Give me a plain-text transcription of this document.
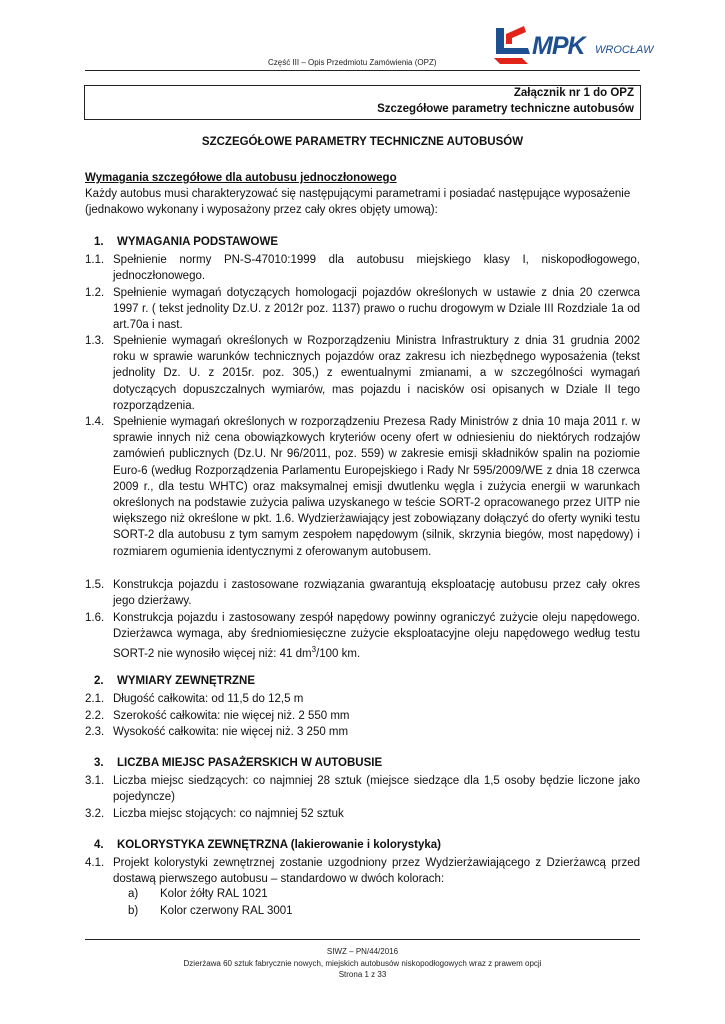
Część III – Opis Przedmiotu Zamówienia (OPZ)
MPK WROCŁAW
Załącznik nr 1 do OPZ
Szczegółowe parametry techniczne autobusów
SZCZEGÓŁOWE PARAMETRY TECHNICZNE AUTOBUSÓW
Wymagania szczegółowe dla autobusu jednoczłonowego
Każdy autobus musi charakteryzować się następującymi parametrami i posiadać następujące wyposażenie (jednakowo wykonany i wyposażony przez cały okres objęty umową):
1. WYMAGANIA PODSTAWOWE
1.1. Spełnienie normy PN-S-47010:1999 dla autobusu miejskiego klasy I, niskopodłogowego, jednoczłonowego.
1.2. Spełnienie wymagań dotyczących homologacji pojazdów określonych w ustawie z dnia 20 czerwca 1997 r. ( tekst jednolity Dz.U. z 2012r poz. 1137) prawo o ruchu drogowym w Dziale III Rozdziale 1a od art.70a i nast.
1.3. Spełnienie wymagań określonych w Rozporządzeniu Ministra Infrastruktury z dnia 31 grudnia 2002 roku w sprawie warunków technicznych pojazdów oraz zakresu ich niezbędnego wyposażenia (tekst jednolity Dz. U. z 2015r. poz. 305,) z ewentualnymi zmianami, a w szczególności wymagań dotyczących dopuszczalnych wymiarów, mas pojazdu i nacisków osi opisanych w Dziale II tego rozporządzenia.
1.4. Spełnienie wymagań określonych w rozporządzeniu Prezesa Rady Ministrów z dnia 10 maja 2011 r. w sprawie innych niż cena obowiązkowych kryteriów oceny ofert w odniesieniu do niektórych rodzajów zamówień publicznych (Dz.U. Nr 96/2011, poz. 559) w zakresie emisji składników spalin na poziomie Euro-6 (według Rozporządzenia Parlamentu Europejskiego i Rady Nr 595/2009/WE z dnia 18 czerwca 2009 r., dla testu WHTC) oraz maksymalnej emisji dwutlenku węgla i zużycia energii w warunkach określonych na podstawie zużycia paliwa uzyskanego w teście SORT-2 opracowanego przez UITP nie większego niż określone w pkt. 1.6. Wydzierżawiający jest zobowiązany dołączyć do oferty wyniki testu SORT-2 dla autobusu z tym samym zespołem napędowym (silnik, skrzynia biegów, most napędowy) i rozmiarem ogumienia identycznymi z oferowanym autobusem.
1.5. Konstrukcja pojazdu i zastosowane rozwiązania gwarantują eksploatację autobusu przez cały okres jego dzierżawy.
1.6. Konstrukcja pojazdu i zastosowany zespół napędowy powinny ograniczyć zużycie oleju napędowego. Dzierżawca wymaga, aby średniomiesięczne zużycie eksploatacyjne oleju napędowego według testu SORT-2 nie wynosiło więcej niż: 41 $dm^3/100$ km.
2. WYMIARY ZEWNĘTRZNE
2.1. Długość całkowita: od 11,5 do 12,5 m
2.2. Szerokość całkowita: nie więcej niż. 2 550 mm
2.3. Wysokość całkowita: nie więcej niż. 3 250 mm
3. LICZBA MIEJSC PASAŻERSKICH W AUTOBUSIE
3.1. Liczba miejsc siedzących: co najmniej 28 sztuk (miejsce siedzące dla 1,5 osoby będzie liczone jako pojedyncze)
3.2. Liczba miejsc stojących: co najmniej 52 sztuk
4. KOLORYSTYKA ZEWNĘTRZNA (lakierowanie i kolorystyka)
4.1. Projekt kolorystyki zewnętrznej zostanie uzgodniony przez Wydzierżawiającego z Dzierżawcą przed dostawą pierwszego autobusu – standardowo w dwóch kolorach:
a) Kolor żółty RAL 1021
b) Kolor czerwony RAL 3001
SIWZ – PN/44/2016
Dzierżawa 60 sztuk fabrycznie nowych, miejskich autobusów niskopodłogowych wraz z prawem opcji
Strona 1 z 33
